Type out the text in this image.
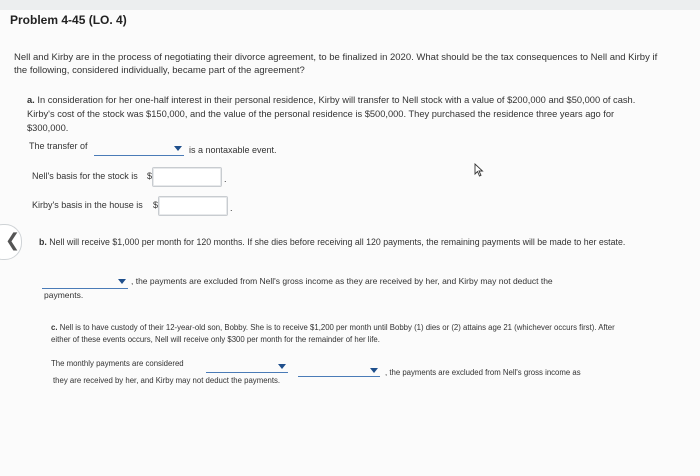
Problem 4-45 (LO. 4)
Nell and Kirby are in the process of negotiating their divorce agreement, to be finalized in 2020. What should be the tax consequences to Nell and Kirby if the following, considered individually, became part of the agreement?
a. In consideration for her one-half interest in their personal residence, Kirby will transfer to Nell stock with a value of $200,000 and $50,000 of cash. Kirby's cost of the stock was $150,000, and the value of the personal residence is $500,000. They purchased the residence three years ago for $300,000.
The transfer of	is a nontaxable event.
Nell's basis for the stock is $	.
Kirby's basis in the house is $	.
❮ b. Nell will receive $1,000 per month for 120 months. If she dies before receiving all 120 payments, the remaining payments will be made to her estate.
, the payments are excluded from Nell's gross income as they are received by her, and Kirby may not deduct the
payments.
c. Nell is to have custody of their 12-year-old son, Bobby. She is to receive $1,200 per month until Bobby (1) dies or (2) attains age 21 (whichever occurs first). After either of these events occurs, Nell will receive only $300 per month for the remainder of her life.
The monthly payments are considered
, the payments are excluded from Nell's gross income as
they are received by her, and Kirby may not deduct the payments.
